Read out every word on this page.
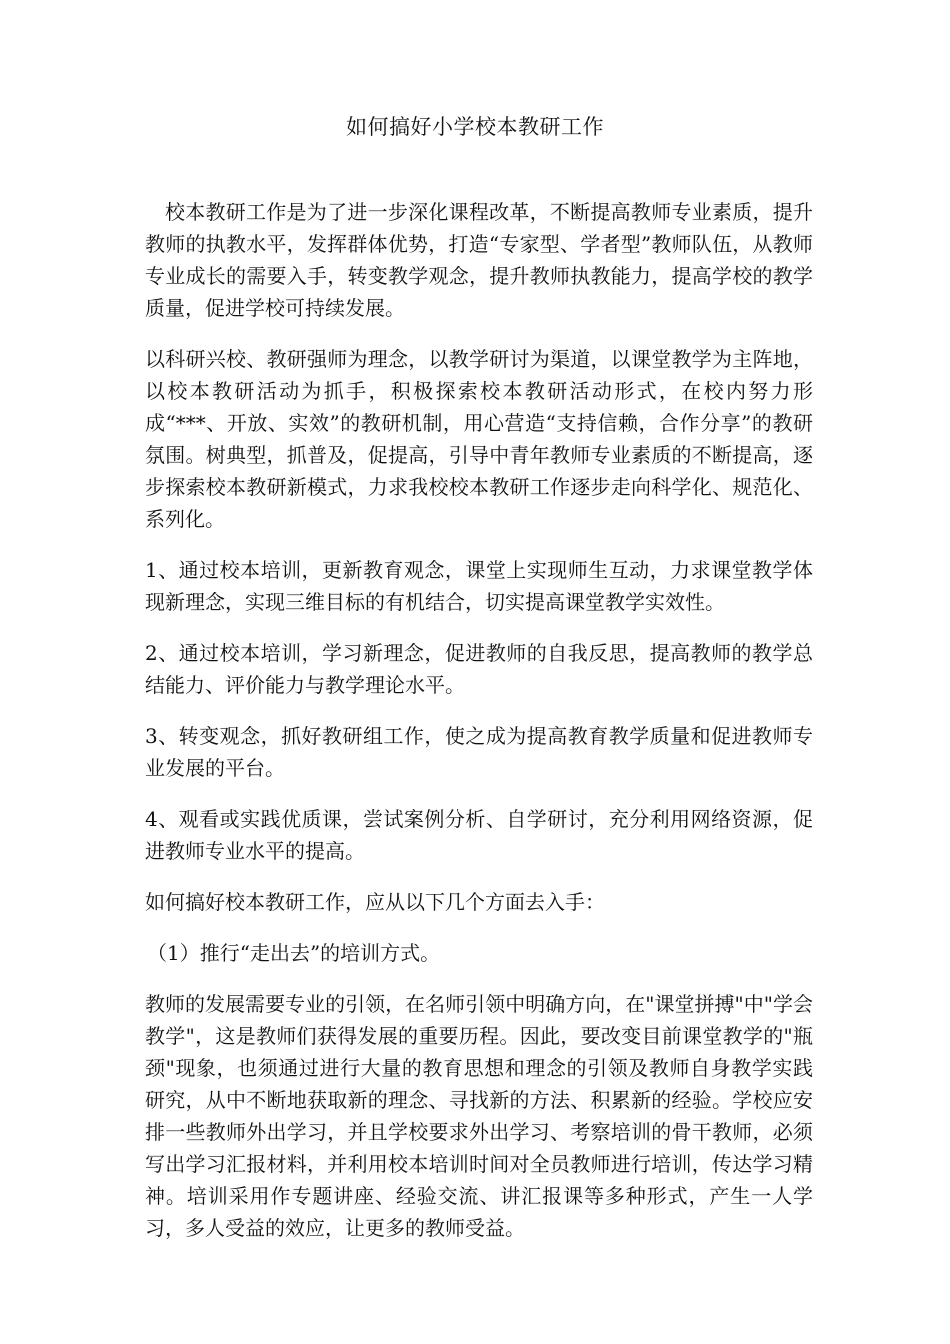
如何搞好小学校本教研工作

校本教研工作是为了进一步深化课程改革，不断提高教师专业素质，提升教师的执教水平，发挥群体优势，打造“专家型、学者型”教师队伍，从教师专业成长的需要入手，转变教学观念，提升教师执教能力，提高学校的教学质量，促进学校可持续发展。

以科研兴校、教研强师为理念，以教学研讨为渠道，以课堂教学为主阵地，以校本教研活动为抓手，积极探索校本教研活动形式，在校内努力形成“***、开放、实效”的教研机制，用心营造“支持信赖，合作分享”的教研氛围。树典型，抓普及，促提高，引导中青年教师专业素质的不断提高，逐步探索校本教研新模式，力求我校校本教研工作逐步走向科学化、规范化、系列化。

1、通过校本培训，更新教育观念，课堂上实现师生互动，力求课堂教学体现新理念，实现三维目标的有机结合，切实提高课堂教学实效性。

2、通过校本培训，学习新理念，促进教师的自我反思，提高教师的教学总结能力、评价能力与教学理论水平。

3、转变观念，抓好教研组工作，使之成为提高教育教学质量和促进教师专业发展的平台。

4、观看或实践优质课，尝试案例分析、自学研讨，充分利用网络资源，促进教师专业水平的提高。

如何搞好校本教研工作，应从以下几个方面去入手：

（1）推行“走出去”的培训方式。

教师的发展需要专业的引领，在名师引领中明确方向，在"课堂拼搏"中"学会教学"，这是教师们获得发展的重要历程。因此，要改变目前课堂教学的"瓶颈"现象，也须通过进行大量的教育思想和理念的引领及教师自身教学实践研究，从中不断地获取新的理念、寻找新的方法、积累新的经验。学校应安排一些教师外出学习，并且学校要求外出学习、考察培训的骨干教师，必须写出学习汇报材料，并利用校本培训时间对全员教师进行培训，传达学习精神。培训采用作专题讲座、经验交流、讲汇报课等多种形式，产生一人学习，多人受益的效应，让更多的教师受益。
